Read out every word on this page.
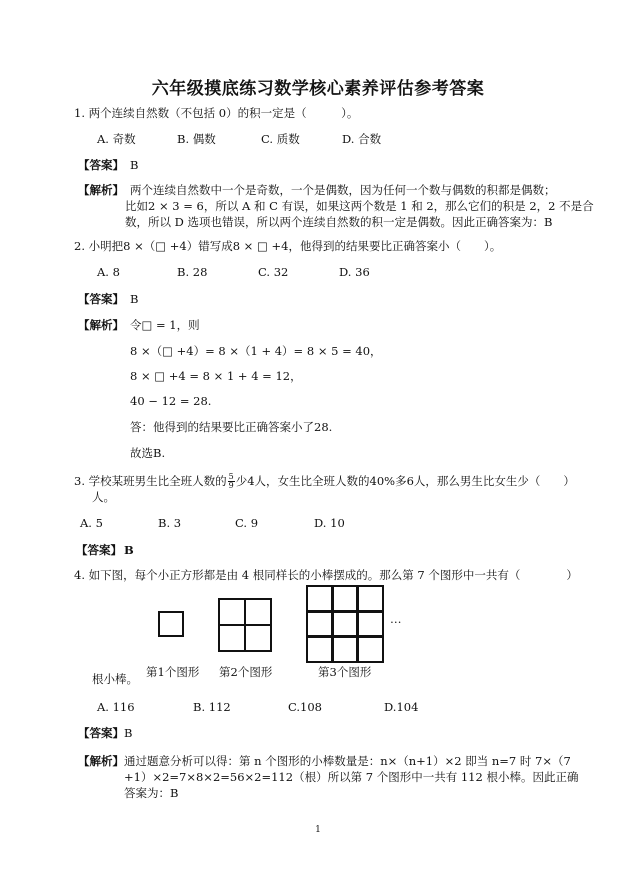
六年级摸底练习数学核心素养评估参考答案
1. 两个连续自然数（不包括 0）的积一定是（　　　）。
A. 奇数	B. 偶数	C. 质数	D. 合数
【答案】 B
【解析】 两个连续自然数中一个是奇数，一个是偶数，因为任何一个数与偶数的积都是偶数；
比如2 × 3 = 6，所以 A 和 C 有误，如果这两个数是 1 和 2，那么它们的积是 2，2 不是合
数，所以 D 选项也错误，所以两个连续自然数的积一定是偶数。因此正确答案为：B
2. 小明把8 ×（□ +4）错写成8 × □ +4，他得到的结果要比正确答案小（　　）。
A. 8	B. 28	C. 32	D. 36
【答案】 B
【解析】 令□ = 1，则
8 ×（□ +4）= 8 ×（1 + 4）= 8 × 5 = 40，
8 × □ +4 = 8 × 1 + 4 = 12，
40 − 12 = 28.
答：他得到的结果要比正确答案小了28.
故选B.
3. 学校某班男生比全班人数的 $\frac{5}{9}$ 少4人，女生比全班人数的40%多6人，那么男生比女生少（　　）
人。
A. 5	B. 3	C. 9	D. 10
【答案】 B
4. 如下图，每个小正方形都是由 4 根同样长的小棒摆成的。那么第 7 个图形中一共有（　　　　）
…
第1个图形 第2个图形	第3个图形
根小棒。
A. 116	B. 112	C.108	D.104
【答案】 B
【解析】 通过题意分析可以得：第 n 个图形的小棒数量是：n×（n+1）×2 即当 n=7 时 7×（7
+1）×2=7×8×2=56×2=112（根）所以第 7 个图形中一共有 112 根小棒。因此正确
答案为：B
1
